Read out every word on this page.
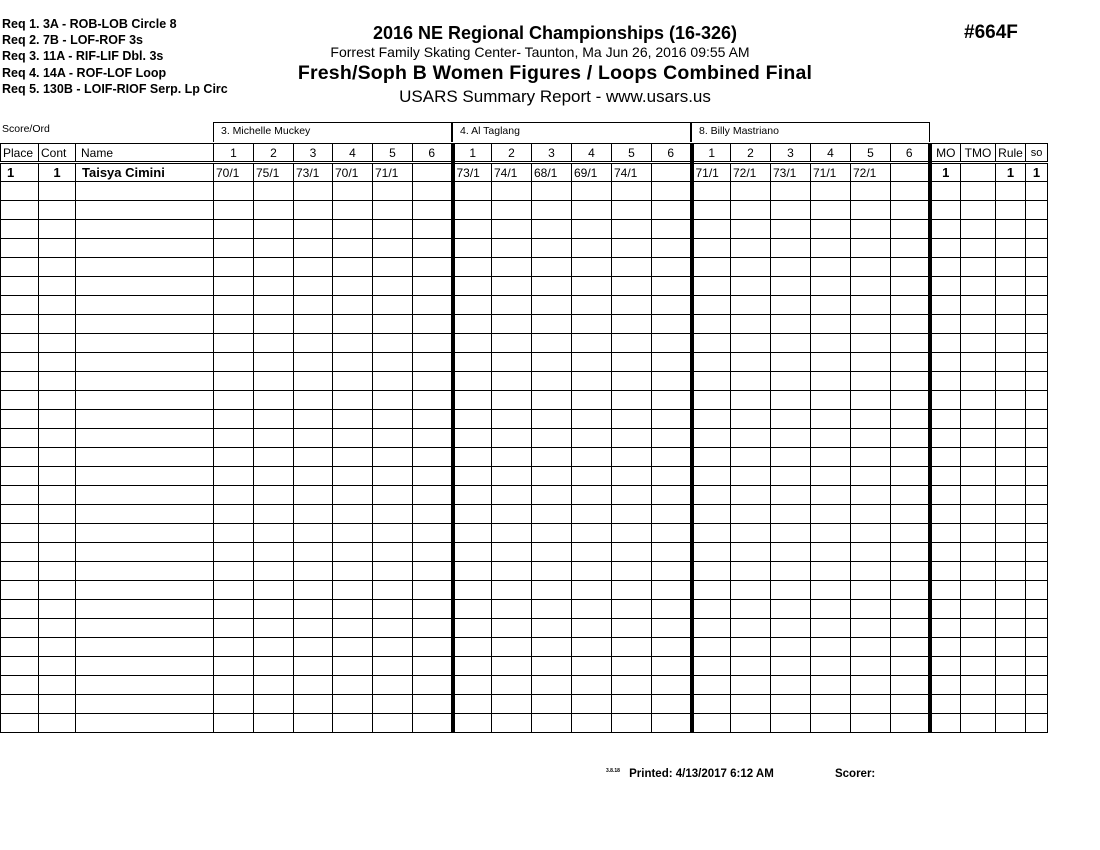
Req 1. 3A - ROB-LOB Circle 8
Req 2. 7B - LOF-ROF 3s
Req 3. 11A - RIF-LIF Dbl. 3s
Req 4. 14A - ROF-LOF Loop
Req 5. 130B - LOIF-RIOF Serp. Lp Circ
2016 NE Regional Championships (16-326)
Forrest Family Skating Center- Taunton, Ma Jun 26, 2016 09:55 AM
Fresh/Soph B Women Figures / Loops Combined Final
USARS Summary Report - www.usars.us
#664F
Score/Ord	3. Michelle Muckey	4. Al Taglang	8. Billy Mastriano
Place	Cont	Name	1	2	3	4	5	6	1	2	3	4	5	6	1	2	3	4	5	6	MO	TMO	Rule	so
1	1	Taisya Cimini	70/1	75/1	73/1	70/1	71/1		73/1	74/1	68/1	69/1	74/1		71/1	72/1	73/1	71/1	72/1		1		1	1

$^{3.8.18}$ Printed: 4/13/2017 6:12 AM	Scorer:
